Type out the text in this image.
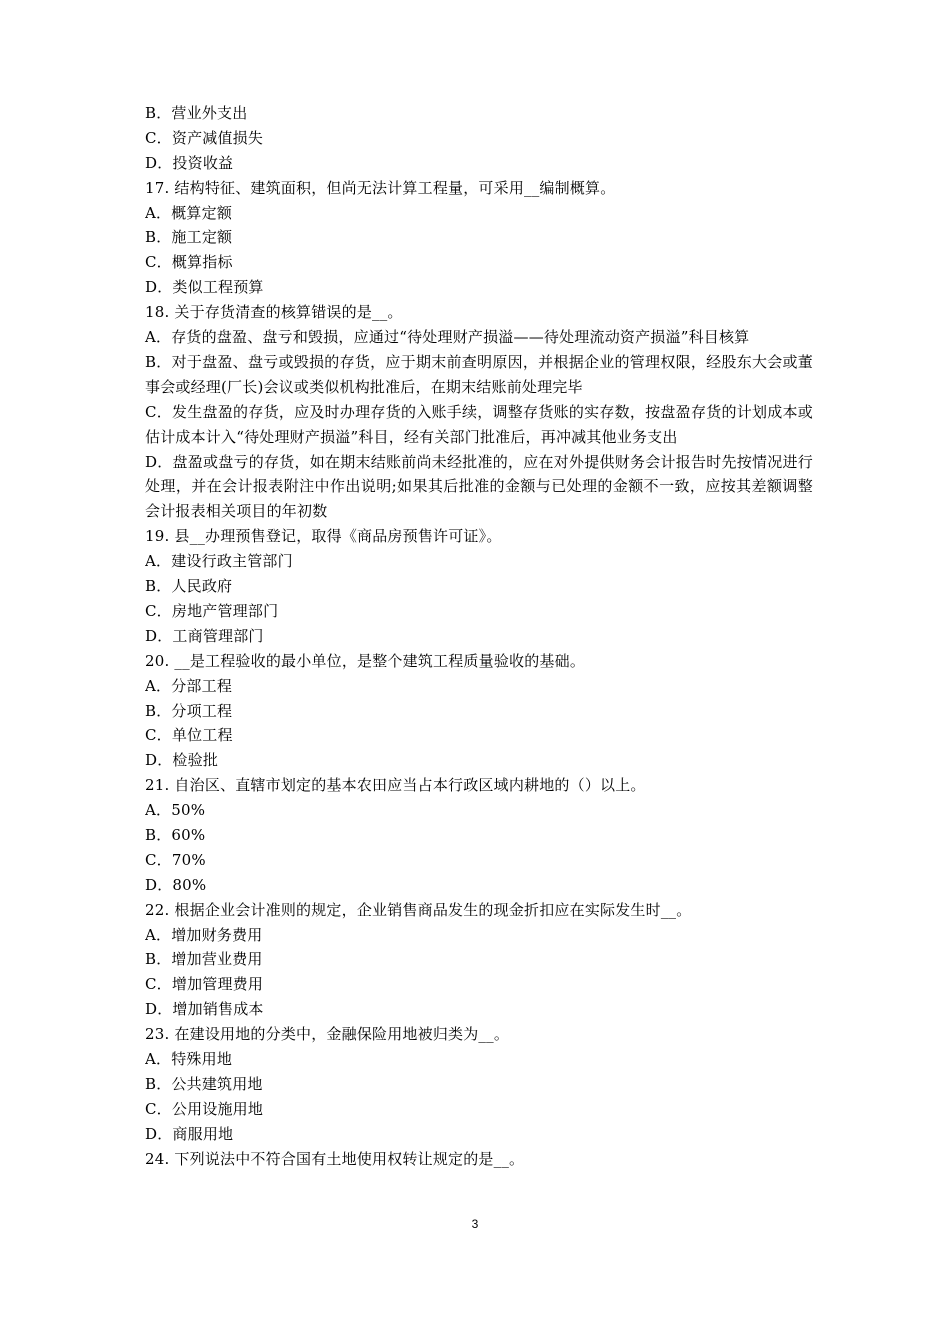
B．营业外支出
C．资产减值损失
D．投资收益
17. 结构特征、建筑面积，但尚无法计算工程量，可采用__编制概算。
A．概算定额
B．施工定额
C．概算指标
D．类似工程预算
18. 关于存货清查的核算错误的是__。
A．存货的盘盈、盘亏和毁损，应通过“待处理财产损溢——待处理流动资产损溢”科目核算
B．对于盘盈、盘亏或毁损的存货，应于期末前查明原因，并根据企业的管理权限，经股东大会或董事会或经理(厂长)会议或类似机构批准后，在期末结账前处理完毕
C．发生盘盈的存货，应及时办理存货的入账手续，调整存货账的实存数，按盘盈存货的计划成本或估计成本计入“待处理财产损溢”科目，经有关部门批准后，再冲减其他业务支出
D．盘盈或盘亏的存货，如在期末结账前尚未经批准的，应在对外提供财务会计报告时先按情况进行处理，并在会计报表附注中作出说明;如果其后批准的金额与已处理的金额不一致，应按其差额调整会计报表相关项目的年初数
19. 县__办理预售登记，取得《商品房预售许可证》。
A．建设行政主管部门
B．人民政府
C．房地产管理部门
D．工商管理部门
20. __是工程验收的最小单位，是整个建筑工程质量验收的基础。
A．分部工程
B．分项工程
C．单位工程
D．检验批
21. 自治区、直辖市划定的基本农田应当占本行政区域内耕地的（）以上。
A．50%
B．60%
C．70%
D．80%
22. 根据企业会计准则的规定，企业销售商品发生的现金折扣应在实际发生时__。
A．增加财务费用
B．增加营业费用
C．增加管理费用
D．增加销售成本
23. 在建设用地的分类中，金融保险用地被归类为__。
A．特殊用地
B．公共建筑用地
C．公用设施用地
D．商服用地
24. 下列说法中不符合国有土地使用权转让规定的是__。
3
